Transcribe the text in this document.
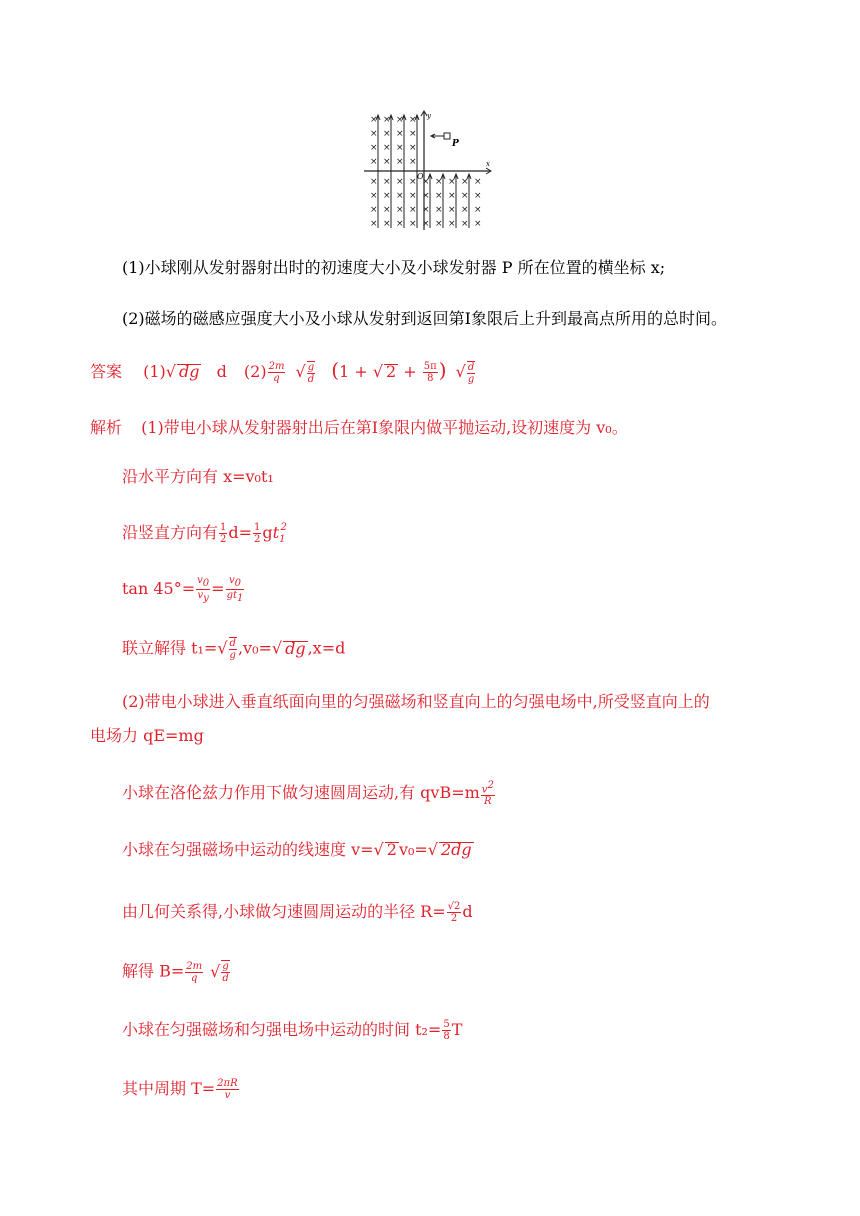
× × × ×
× × × ×
× × × ×
× × × ×
× × × × × × × × ×
× × × × × × × × ×
× × × × × × × × ×
× × × × × × × × ×
y
x
O
P
(1)小球刚从发射器射出时的初速度大小及小球发射器 P 所在位置的横坐标 x;
(2)磁场的磁感应强度大小及小球从发射到返回第Ⅰ象限后上升到最高点所用的总时间。
答案 (1)√ dg d $(2) \frac{2m}{q}$ √ $\frac{g}{d} (1$ + √ $2 + \frac{5\pi}{8}$ ) √ $\frac{d}{g}$
解析 (1)带电小球从发射器射出后在第Ⅰ象限内做平抛运动,设初速度为 v₀。
沿水平方向有 x=v₀t₁
沿竖直方向有 $\frac{1}{2} d= \frac{1}{2} gt_1^2$
$\tan 45^\circ= \frac{v_0}{v_y} = \frac{v_0}{gt_1}$
联立解得 $t_1=√ \frac{d}{g} ,v_0=√$ dg ,x=d
(2)带电小球进入垂直纸面向里的匀强磁场和竖直向上的匀强电场中,所受竖直向上的
电场力 qE=mg
小球在洛伦兹力作用下做匀速圆周运动,有 $qvB=m \frac{v^2}{R}$
小球在匀强磁场中运动的线速度 v=√ 2 v₀=√ 2dg
由几何关系得,小球做匀速圆周运动的半径 $R= \frac{√2}{2}$ d
解得 $B= \frac{2m}{q}$ √ $\frac{g}{d}$
小球在匀强磁场和匀强电场中运动的时间 $t_2= \frac{5}{8}$ T
其中周期 $T= \frac{2\pi R}{v}$
